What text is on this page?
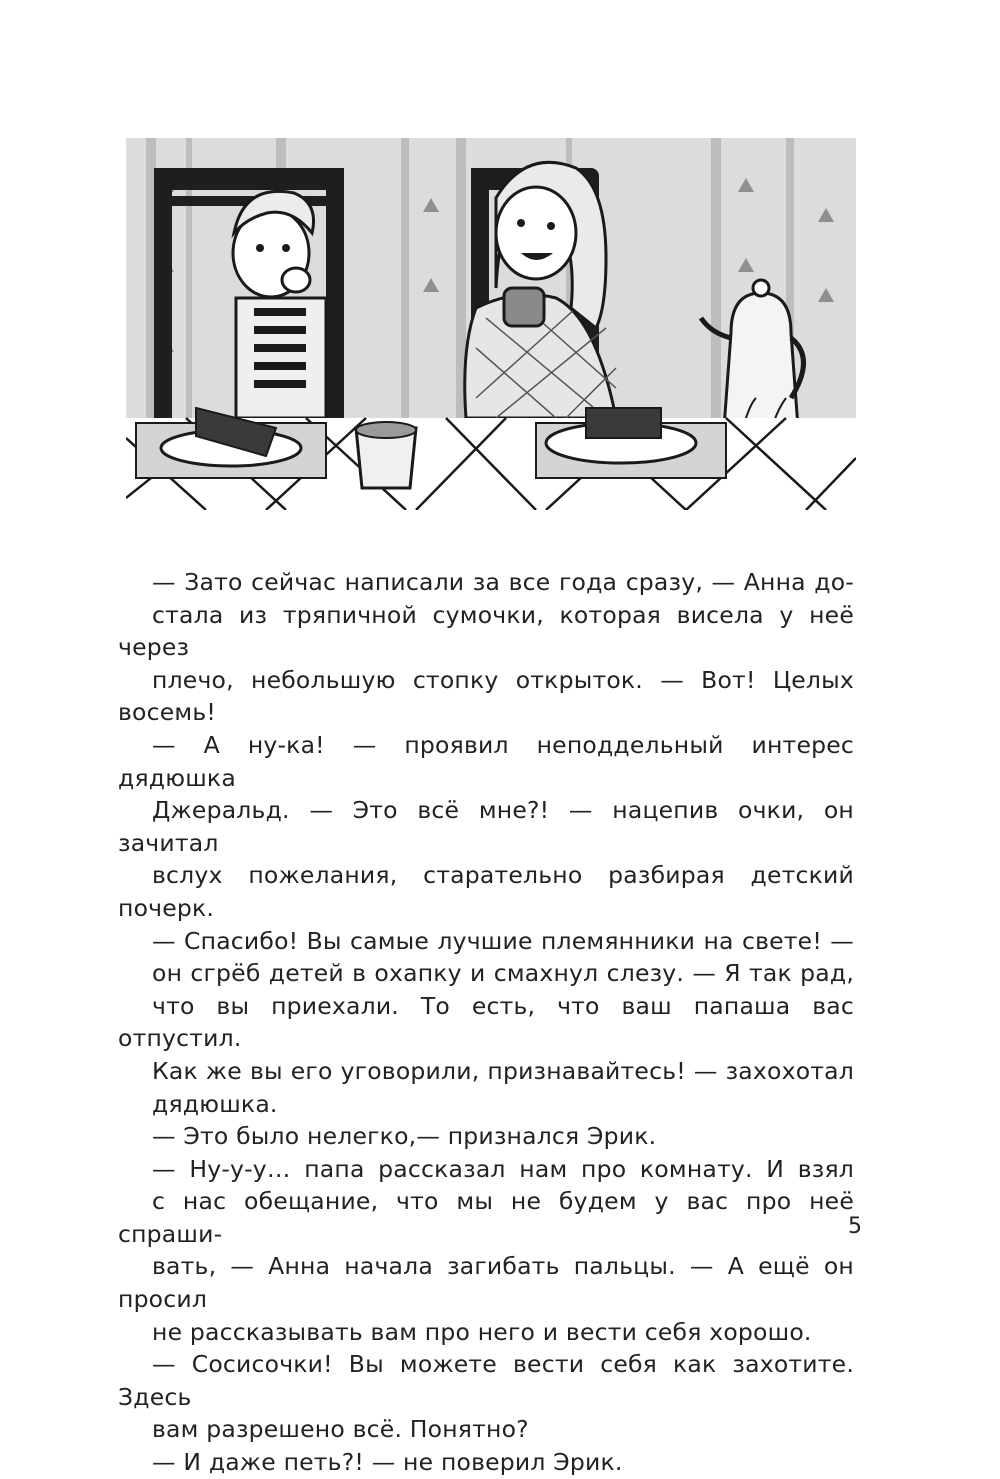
— Зато сейчас написали за все года сразу, — Анна до-
стала из тряпичной сумочки, которая висела у неё через
плечо, небольшую стопку открыток. — Вот! Целых восемь!
— А ну-ка! — проявил неподдельный интерес дядюшка
Джеральд. — Это всё мне?! — нацепив очки, он зачитал
вслух пожелания, старательно разбирая детский почерк.
— Спасибо! Вы самые лучшие племянники на свете! —
он сгрёб детей в охапку и смахнул слезу. — Я так рад,
что вы приехали. То есть, что ваш папаша вас отпустил.
Как же вы его уговорили, признавайтесь! — захохотал
дядюшка.
— Это было нелегко,— признался Эрик.
— Ну-у-у… папа рассказал нам про комнату. И взял
с нас обещание, что мы не будем у вас про неё спраши-
вать, — Анна начала загибать пальцы. — А ещё он просил
не рассказывать вам про него и вести себя хорошо.
— Сосисочки! Вы можете вести себя как захотите. Здесь
вам разрешено всё. Понятно?
— И даже петь?! — не поверил Эрик.
5
